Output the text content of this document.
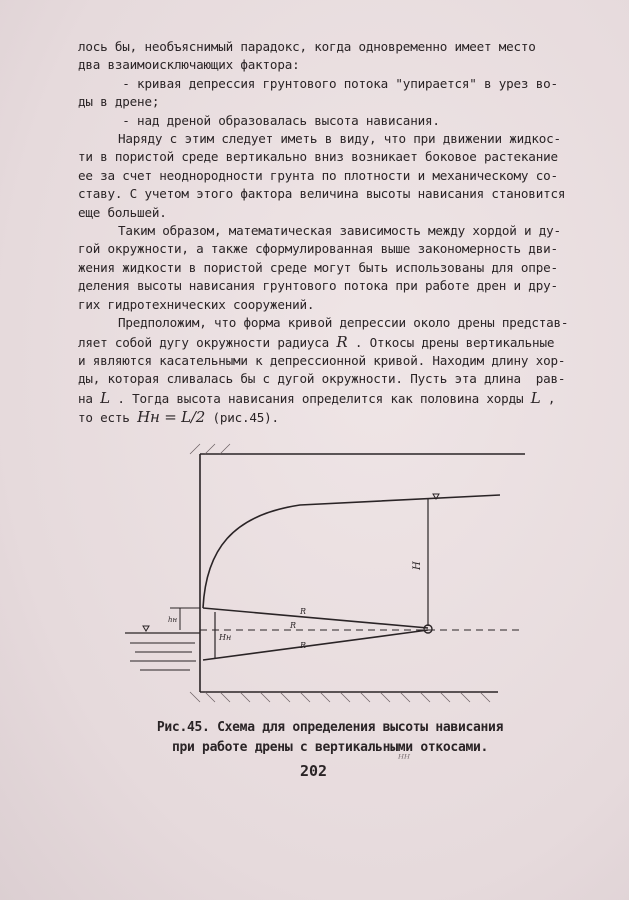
лось бы, необъяснимый парадокс, когда одновременно имеет место
два взаимоисключающих фактора:
- кривая депрессия грунтового потока "упирается" в урез во-
ды в дрене;
- над дреной образовалась высота нависания.
Наряду с этим следует иметь в виду, что при движении жидкос-
ти в пористой среде вертикально вниз возникает боковое растекание
ее за счет неоднородности грунта по плотности и механическому со-
ставу. С учетом этого фактора величина высоты нависания становится
еще большей.
Таким образом, математическая зависимость между хордой и ду-
гой окружности, а также сформулированная выше закономерность дви-
жения жидкости в пористой среде могут быть использованы для опре-
деления высоты нависания грунтового потока при работе дрен и дру-
гих гидротехнических сооружений.
Предположим, что форма кривой депрессии около дрены представ-
ляет собой дугу окружности радиуса R . Откосы дрены вертикальные
и являются касательными к депрессионной кривой. Находим длину хор-
ды, которая сливалась бы с дугой окружности. Пусть эта длина  рав-
на L . Тогда высота нависания определится как половина хорды L ,
то есть Hн = L/2 (рис.45).
H
Hн
R
R
R
hн
Рис.45. Схема для определения высоты нависания
при работе дрены с вертикальными откосами.
202
ᴴᴴ
